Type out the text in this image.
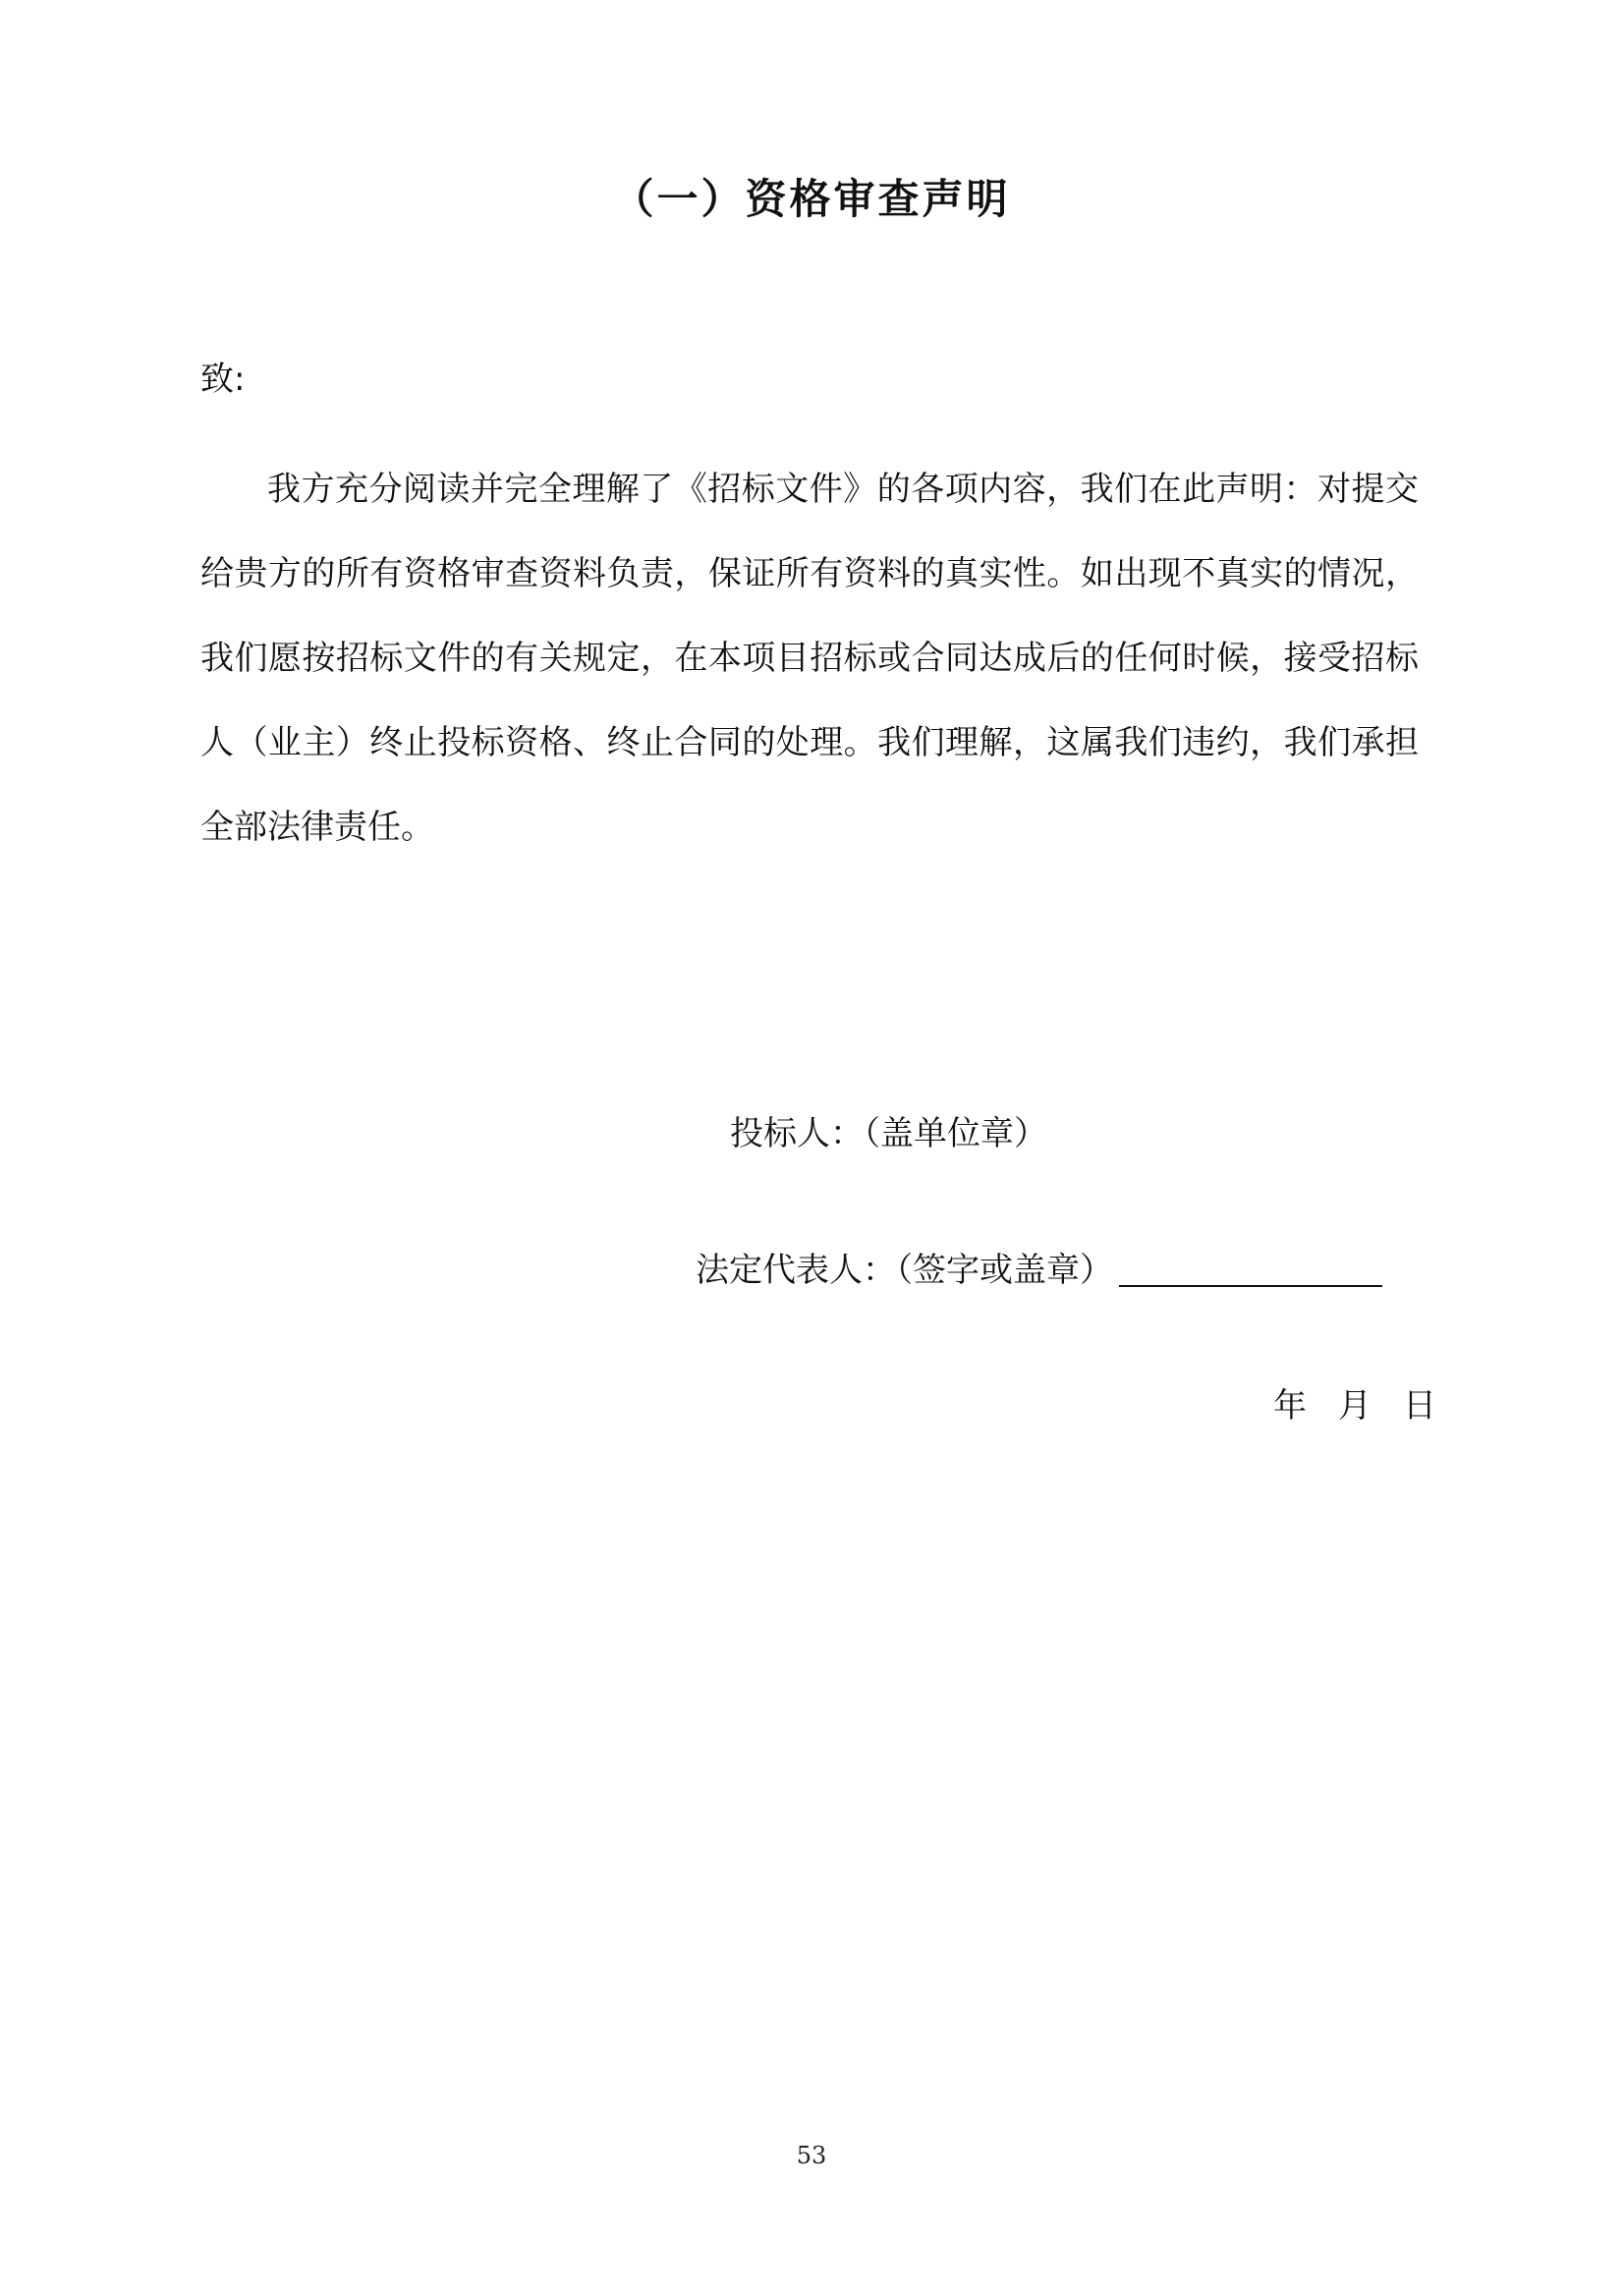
（一）资格审查声明
致:

我方充分阅读并完全理解了《招标文件》的各项内容，我们在此声明：对提交给贵方的所有资格审查资料负责，保证所有资料的真实性。如出现不真实的情况，我们愿按招标文件的有关规定，在本项目招标或合同达成后的任何时候，接受招标人（业主）终止投标资格、终止合同的处理。我们理解，这属我们违约，我们承担全部法律责任。

投标人：（盖单位章）
法定代表人：（签字或盖章）
年 月 日
53
